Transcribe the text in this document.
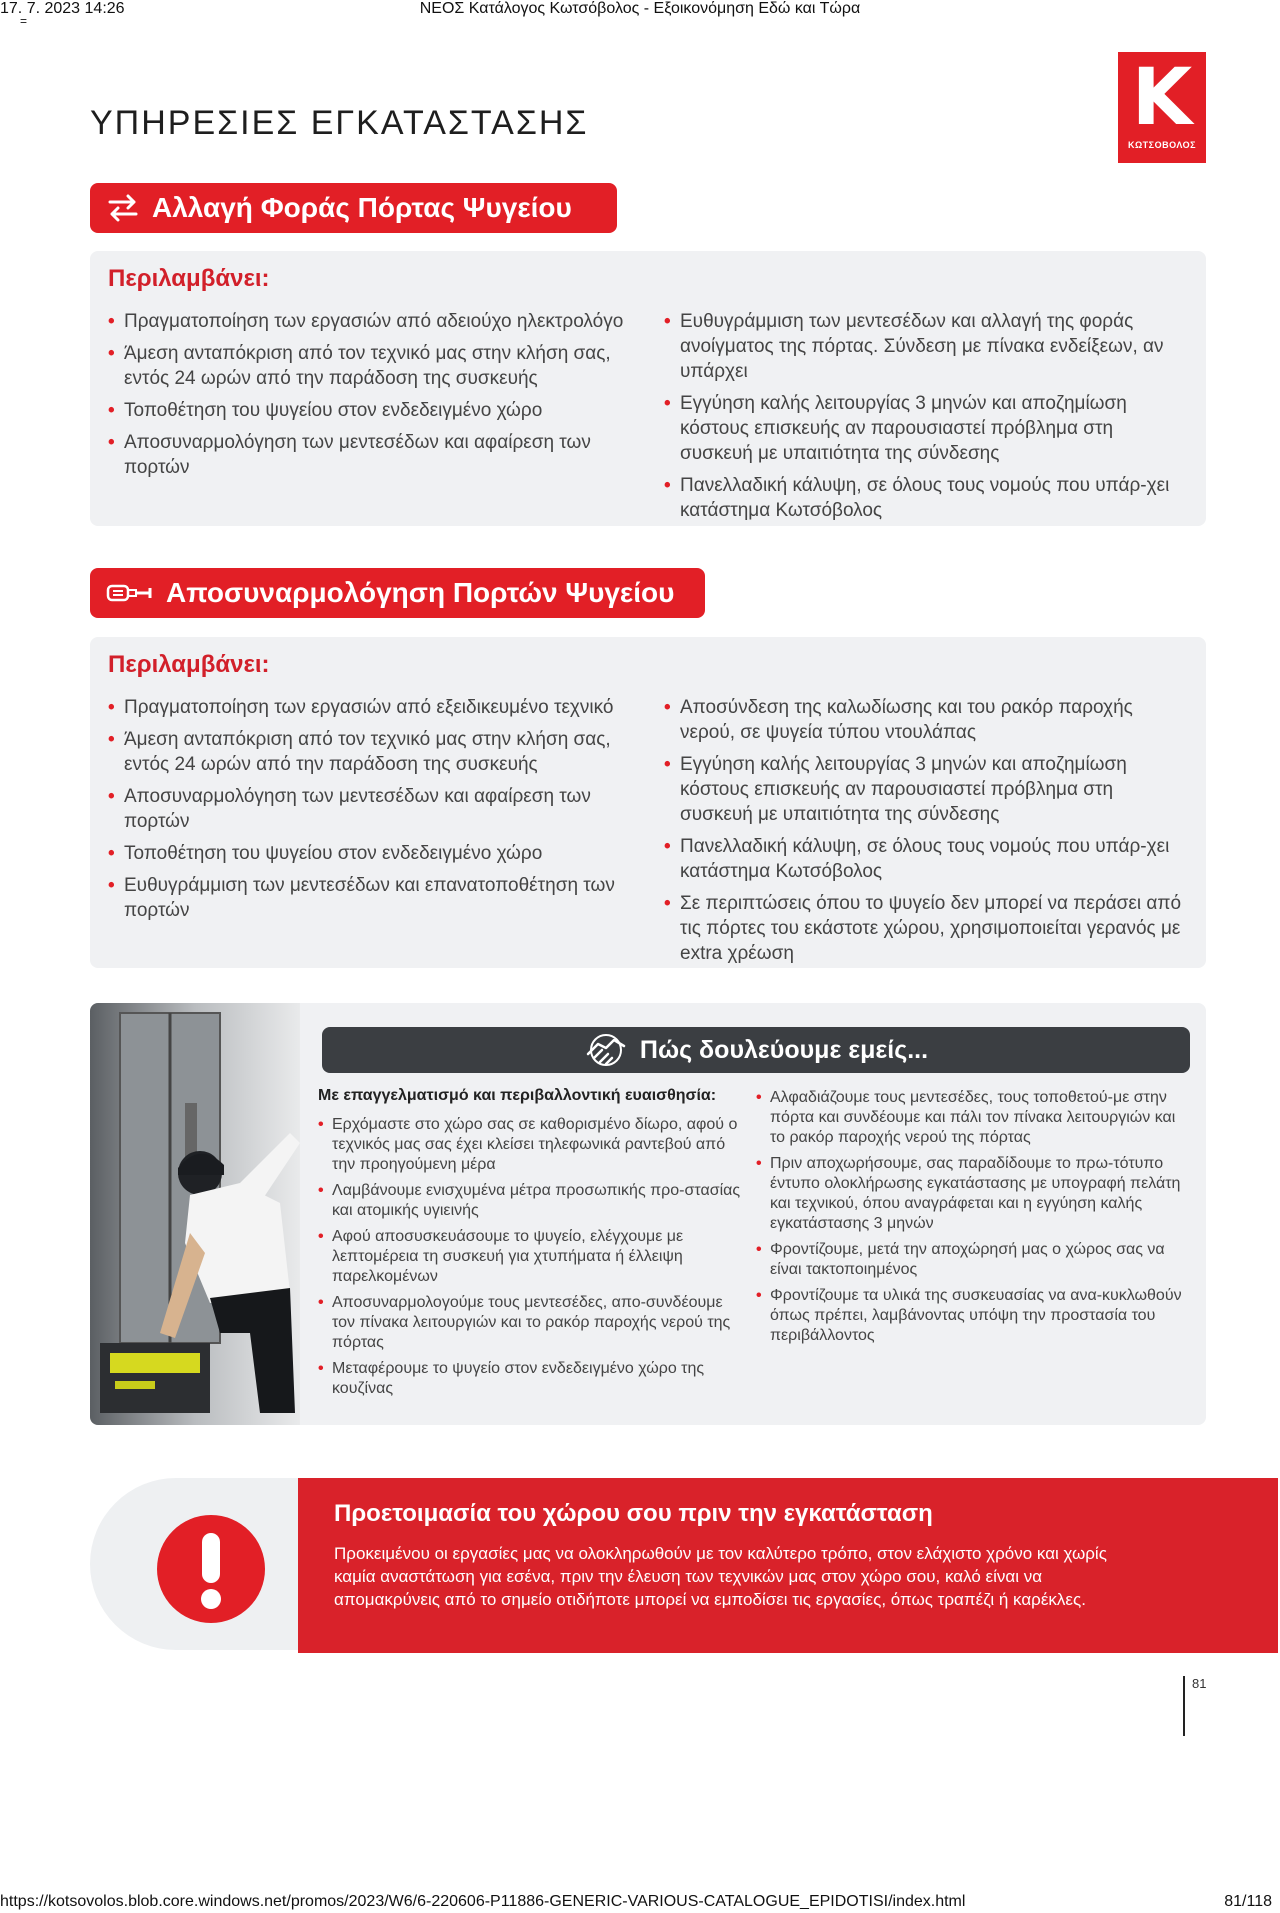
17. 7. 2023 14:26	ΝΕΟΣ Κατάλογος Κωτσόβολος - Εξοικονόμηση Εδώ και Τώρα
=
ΥΠΗΡΕΣΙΕΣ ΕΓΚΑΤΑΣΤΑΣΗΣ	K
ΚΩΤΣΟΒΟΛΟΣ
Αλλαγή Φοράς Πόρτας Ψυγείου
Περιλαμβάνει:
• Πραγματοποίηση των εργασιών από αδειούχο ηλεκτρολόγο
• Άμεση ανταπόκριση από τον τεχνικό μας στην κλήση σας, εντός 24 ωρών από την παράδοση της συσκευής
• Τοποθέτηση του ψυγείου στον ενδεδειγμένο χώρο
• Αποσυναρμολόγηση των μεντεσέδων και αφαίρεση των πορτών
• Ευθυγράμμιση των μεντεσέδων και αλλαγή της φοράς ανοίγματος της πόρτας. Σύνδεση με πίνακα ενδείξεων, αν υπάρχει
• Εγγύηση καλής λειτουργίας 3 μηνών και αποζημίωση κόστους επισκευής αν παρουσιαστεί πρόβλημα στη συσκευή με υπαιτιότητα της σύνδεσης
• Πανελλαδική κάλυψη, σε όλους τους νομούς που υπάρ-χει κατάστημα Κωτσόβολος
Αποσυναρμολόγηση Πορτών Ψυγείου
Περιλαμβάνει:
• Πραγματοποίηση των εργασιών από εξειδικευμένο τεχνικό
• Άμεση ανταπόκριση από τον τεχνικό μας στην κλήση σας, εντός 24 ωρών από την παράδοση της συσκευής
• Αποσυναρμολόγηση των μεντεσέδων και αφαίρεση των πορτών
• Τοποθέτηση του ψυγείου στον ενδεδειγμένο χώρο
• Ευθυγράμμιση των μεντεσέδων και επανατοποθέτηση των πορτών
• Αποσύνδεση της καλωδίωσης και του ρακόρ παροχής νερού, σε ψυγεία τύπου ντουλάπας
• Εγγύηση καλής λειτουργίας 3 μηνών και αποζημίωση κόστους επισκευής αν παρουσιαστεί πρόβλημα στη συσκευή με υπαιτιότητα της σύνδεσης
• Πανελλαδική κάλυψη, σε όλους τους νομούς που υπάρ-χει κατάστημα Κωτσόβολος
• Σε περιπτώσεις όπου το ψυγείο δεν μπορεί να περάσει από τις πόρτες του εκάστοτε χώρου, χρησιμοποιείται γερανός με extra χρέωση
Πώς δουλεύουμε εμείς...
Με επαγγελματισμό και περιβαλλοντική ευαισθησία:
• Ερχόμαστε στο χώρο σας σε καθορισμένο δίωρο, αφού ο τεχνικός μας σας έχει κλείσει τηλεφωνικά ραντεβού από την προηγούμενη μέρα
• Λαμβάνουμε ενισχυμένα μέτρα προσωπικής προ-στασίας και ατομικής υγιεινής
• Αφού αποσυσκευάσουμε το ψυγείο, ελέγχουμε με λεπτομέρεια τη συσκευή για χτυπήματα ή έλλειψη παρελκομένων
• Αποσυναρμολογούμε τους μεντεσέδες, απο-συνδέουμε τον πίνακα λειτουργιών και το ρακόρ παροχής νερού της πόρτας
• Μεταφέρουμε το ψυγείο στον ενδεδειγμένο χώρο της κουζίνας
• Αλφαδιάζουμε τους μεντεσέδες, τους τοποθετού-με στην πόρτα και συνδέουμε και πάλι τον πίνακα λειτουργιών και το ρακόρ παροχής νερού της πόρτας
• Πριν αποχωρήσουμε, σας παραδίδουμε το πρω-τότυπο έντυπο ολοκλήρωσης εγκατάστασης με υπογραφή πελάτη και τεχνικού, όπου αναγράφεται και η εγγύηση καλής εγκατάστασης 3 μηνών
• Φροντίζουμε, μετά την αποχώρησή μας ο χώρος σας να είναι τακτοποιημένος
• Φροντίζουμε τα υλικά της συσκευασίας να ανα-κυκλωθούν όπως πρέπει, λαμβάνοντας υπόψη την προστασία του περιβάλλοντος
Προετοιμασία του χώρου σου πριν την εγκατάσταση
Προκειμένου οι εργασίες μας να ολοκληρωθούν με τον καλύτερο τρόπο, στον ελάχιστο χρόνο και χωρίς καμία αναστάτωση για εσένα, πριν την έλευση των τεχνικών μας στον χώρο σου, καλό είναι να απομακρύνεις από το σημείο οτιδήποτε μπορεί να εμποδίσει τις εργασίες, όπως τραπέζι ή καρέκλες.
81
https://kotsovolos.blob.core.windows.net/promos/2023/W6/6-220606-P11886-GENERIC-VARIOUS-CATALOGUE_EPIDOTISI/index.html	81/118
